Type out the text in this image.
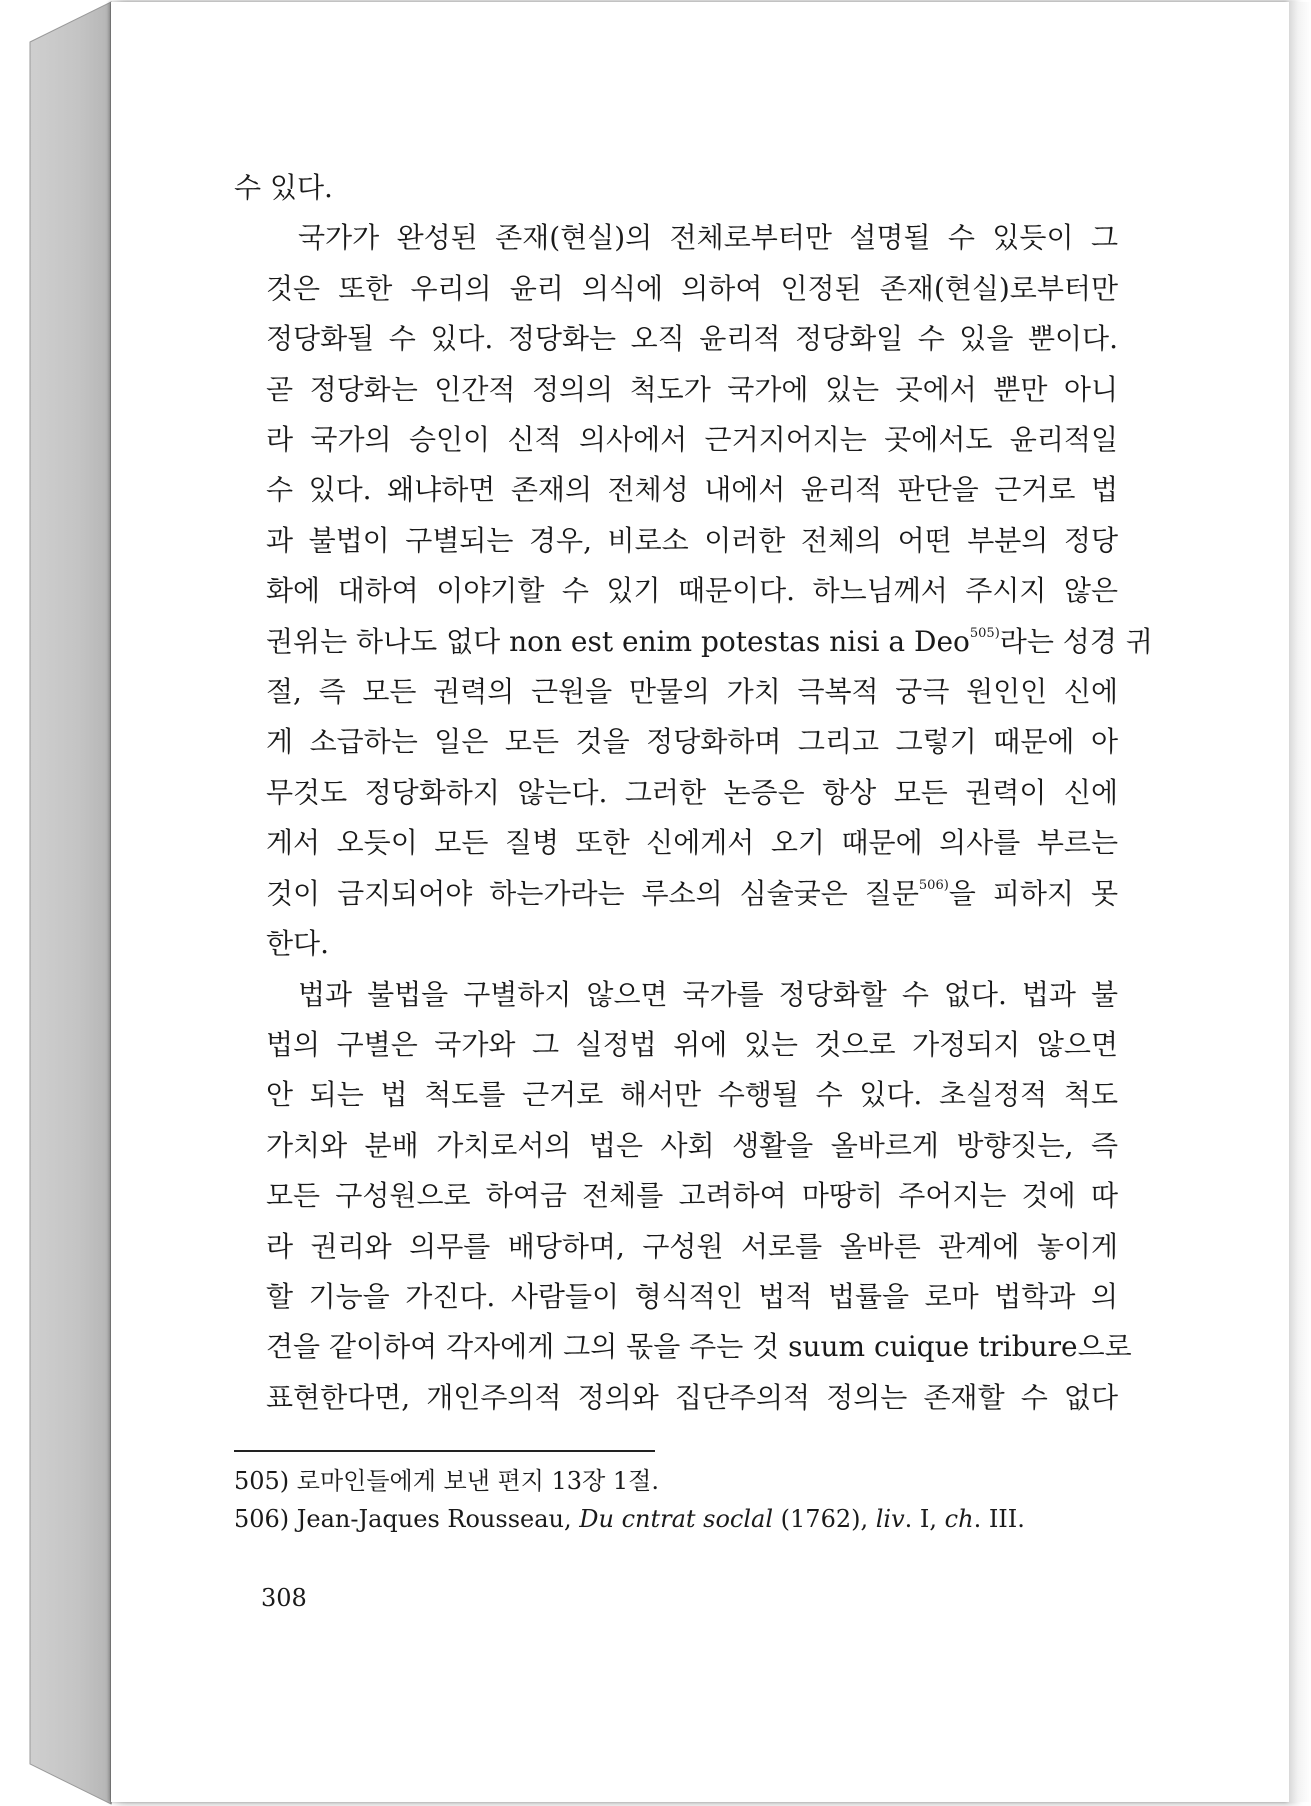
수 있다.

국가가 완성된 존재(현실)의 전체로부터만 설명될 수 있듯이 그
것은 또한 우리의 윤리 의식에 의하여 인정된 존재(현실)로부터만
정당화될 수 있다. 정당화는 오직 윤리적 정당화일 수 있을 뿐이다.
곧 정당화는 인간적 정의의 척도가 국가에 있는 곳에서 뿐만 아니
라 국가의 승인이 신적 의사에서 근거지어지는 곳에서도 윤리적일
수 있다. 왜냐하면 존재의 전체성 내에서 윤리적 판단을 근거로 법
과 불법이 구별되는 경우, 비로소 이러한 전체의 어떤 부분의 정당
화에 대하여 이야기할 수 있기 때문이다. 하느님께서 주시지 않은
권위는 하나도 없다 non est enim potestas nisi a Deo$^{505)}$라는 성경 귀
절, 즉 모든 권력의 근원을 만물의 가치 극복적 궁극 원인인 신에
게 소급하는 일은 모든 것을 정당화하며 그리고 그렇기 때문에 아
무것도 정당화하지 않는다. 그러한 논증은 항상 모든 권력이 신에
게서 오듯이 모든 질병 또한 신에게서 오기 때문에 의사를 부르는
것이 금지되어야 하는가라는 루소의 심술궂은 질문$^{506)}$을 피하지 못
한다.

법과 불법을 구별하지 않으면 국가를 정당화할 수 없다. 법과 불
법의 구별은 국가와 그 실정법 위에 있는 것으로 가정되지 않으면
안 되는 법 척도를 근거로 해서만 수행될 수 있다. 초실정적 척도
가치와 분배 가치로서의 법은 사회 생활을 올바르게 방향짓는, 즉
모든 구성원으로 하여금 전체를 고려하여 마땅히 주어지는 것에 따
라 권리와 의무를 배당하며, 구성원 서로를 올바른 관계에 놓이게
할 기능을 가진다. 사람들이 형식적인 법적 법률을 로마 법학과 의
견을 같이하여 각자에게 그의 몫을 주는 것 suum cuique tribure으로
표현한다면, 개인주의적 정의와 집단주의적 정의는 존재할 수 없다

505) 로마인들에게 보낸 편지 13장 1절.
506) Jean-Jaques Rousseau, Du cntrat soclal (1762), liv. I, ch. III.
308
